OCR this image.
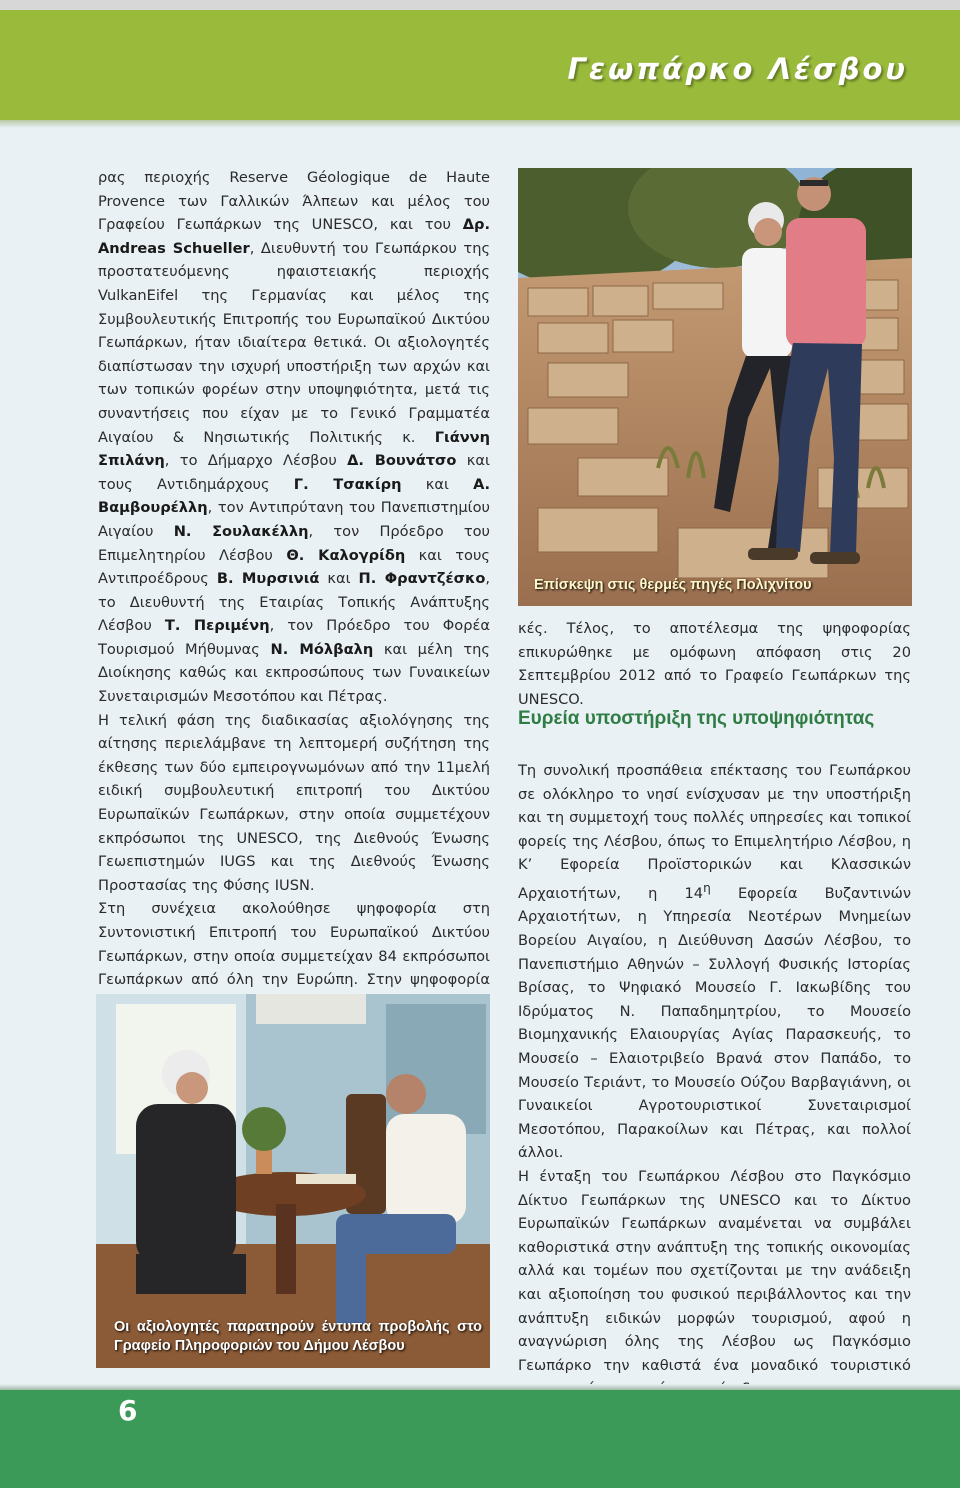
Γεωπάρκο Λέσβου

ρας περιοχής Reserve Géologique de Haute Provence των Γαλλικών Άλπεων και μέλος του Γραφείου Γεωπάρκων της UNESCO, και του Δρ. Andreas Schueller, Διευθυντή του Γεωπάρκου της προστατευόμενης ηφαιστειακής περιοχής VulkanEifel της Γερμανίας και μέλος της Συμβουλευτικής Επιτροπής του Ευρωπαϊκού Δικτύου Γεωπάρκων, ήταν ιδιαίτερα θετικά. Οι αξιολογητές διαπίστωσαν την ισχυρή υποστήριξη των αρχών και των τοπικών φορέων στην υποψηφιότητα, μετά τις συναντήσεις που είχαν με το Γενικό Γραμματέα Αιγαίου & Νησιωτικής Πολιτικής κ. Γιάννη Σπιλάνη, το Δήμαρχο Λέσβου Δ. Βουνάτσο και τους Αντιδημάρχους Γ. Τσακίρη και Α. Βαμβουρέλλη, τον Αντιπρύτανη του Πανεπιστημίου Αιγαίου Ν. Σουλακέλλη, τον Πρόεδρο του Επιμελητηρίου Λέσβου Θ. Καλογρίδη και τους Αντιπροέδρους Β. Μυρσινιά και Π. Φραντζέσκο, το Διευθυντή της Εταιρίας Τοπικής Ανάπτυξης Λέσβου Τ. Περιμένη, τον Πρόεδρο του Φορέα Τουρισμού Μήθυμνας Ν. Μόλβαλη και μέλη της Διοίκησης καθώς και εκπροσώπους των Γυναικείων Συνεταιρισμών Μεσοτόπου και Πέτρας.

Η τελική φάση της διαδικασίας αξιολόγησης της αίτησης περιελάμβανε τη λεπτομερή συζήτηση της έκθεσης των δύο εμπειρογνωμόνων από την 11μελή ειδική συμβουλευτική επιτροπή του Δικτύου Ευρωπαϊκών Γεωπάρκων, στην οποία συμμετέχουν εκπρόσωποι της UNESCO, της Διεθνούς Ένωσης Γεωεπιστημών IUGS και της Διεθνούς Ένωσης Προστασίας της Φύσης IUSN.

Στη συνέχεια ακολούθησε ψηφοφορία στη Συντονιστική Επιτροπή του Ευρωπαϊκού Δικτύου Γεωπάρκων, στην οποία συμμετείχαν 84 εκπρόσωποι Γεωπάρκων από όλη την Ευρώπη. Στην ψηφοφορία

Επίσκεψη στις θερμές πηγές Πολιχνίτου
κές. Τέλος, το αποτέλεσμα της ψηφοφορίας επικυρώθηκε με ομόφωνη απόφαση στις 20 Σεπτεμβρίου 2012 από το Γραφείο Γεωπάρκων της UNESCO.
Ευρεία υποστήριξη της υποψηφιότητας

Τη συνολική προσπάθεια επέκτασης του Γεωπάρκου σε ολόκληρο το νησί ενίσχυσαν με την υποστήριξη και τη συμμετοχή τους πολλές υπηρεσίες και τοπικοί φορείς της Λέσβου, όπως το Επιμελητήριο Λέσβου, η Κ’ Εφορεία Προϊστορικών και Κλασσικών Αρχαιοτήτων, η $14^\eta$ Εφορεία Βυζαντινών Αρχαιοτήτων, η Υπηρεσία Νεοτέρων Μνημείων Βορείου Αιγαίου, η Διεύθυνση Δασών Λέσβου, το Πανεπιστήμιο Αθηνών – Συλλογή Φυσικής Ιστορίας Βρίσας, το Ψηφιακό Μουσείο Γ. Ιακωβίδης του Ιδρύματος Ν. Παπαδημητρίου, το Μουσείο Βιομηχανικής Ελαιουργίας Αγίας Παρασκευής, το Μουσείο – Ελαιοτριβείο Βρανά στον Παπάδο, το Μουσείο Τεριάντ, το Μουσείο Ούζου Βαρβαγιάννη, οι Γυναικείοι Αγροτουριστικοί Συνεταιρισμοί Μεσοτόπου, Παρακοίλων και Πέτρας, και πολλοί άλλοι.

Η ένταξη του Γεωπάρκου Λέσβου στο Παγκόσμιο Δίκτυο Γεωπάρκων της UNESCO και το Δίκτυο Ευρωπαϊκών Γεωπάρκων αναμένεται να συμβάλει καθοριστικά στην ανάπτυξη της τοπικής οικονομίας αλλά και τομέων που σχετίζονται με την ανάδειξη και αξιοποίηση του φυσικού περιβάλλοντος και την ανάπτυξη ειδικών μορφών τουρισμού, αφού η αναγνώριση όλης της Λέσβου ως Παγκόσμιο Γεωπάρκο την καθιστά ένα μοναδικό τουριστικό

Οι αξιολογητές παρατηρούν έντυπα προβολής στο Γραφείο Πληροφοριών του Δήμου Λέσβου
6
